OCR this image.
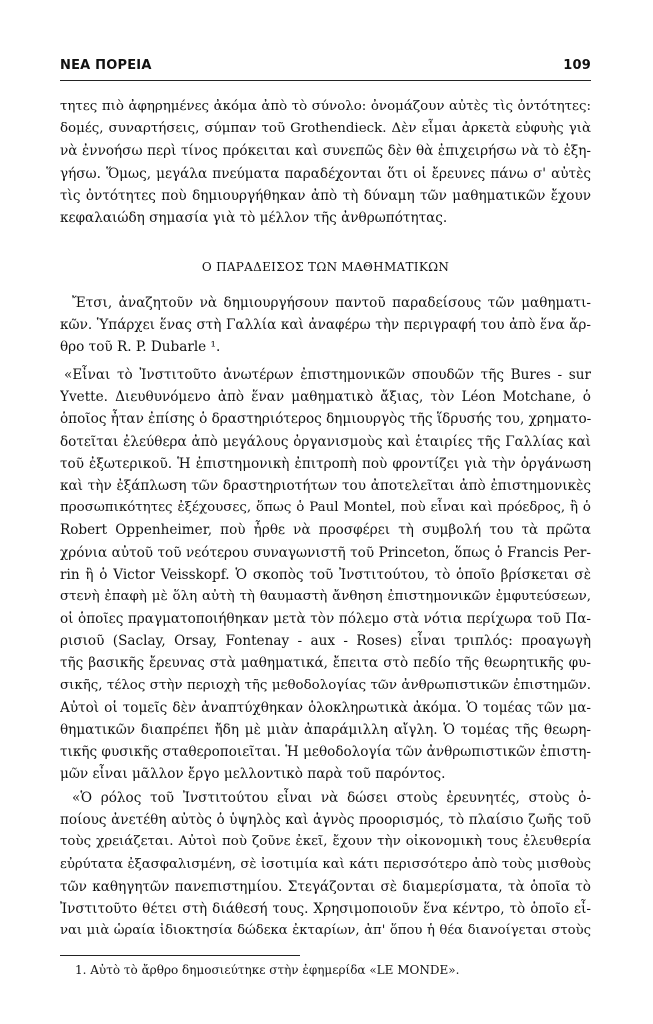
ΝΕΑ ΠΟΡΕΙΑ	109
τητες πιὸ ἀφηρημένες ἀκόμα ἀπὸ τὸ σύνολο: ὀνομάζουν αὐτὲς τὶς ὀντότητες:
δομές, συναρτήσεις, σύμπαν τοῦ Grothendieck. Δὲν εἶμαι ἀρκετὰ εὐφυὴς γιὰ
νὰ ἐννοήσω περὶ τίνος πρόκειται καὶ συνεπῶς δὲν θὰ ἐπιχειρήσω νὰ τὸ ἐξη-
γήσω. Ὅμως, μεγάλα πνεύματα παραδέχονται ὅτι οἱ ἔρευνες πάνω σ' αὐτὲς
τὶς ὀντότητες ποὺ δημιουργήθηκαν ἀπὸ τὴ δύναμη τῶν μαθηματικῶν ἔχουν
κεφαλαιώδη σημασία γιὰ τὸ μέλλον τῆς ἀνθρωπότητας.
Ο ΠΑΡΑΔΕΙΣΟΣ ΤΩΝ ΜΑΘΗΜΑΤΙΚΩΝ
Ἔτσι, ἀναζητοῦν νὰ δημιουργήσουν παντοῦ παραδείσους τῶν μαθηματι-
κῶν. Ὑπάρχει ἕνας στὴ Γαλλία καὶ ἀναφέρω τὴν περιγραφή του ἀπὸ ἕνα ἄρ-
θρο τοῦ R. P. Dubarle ¹.
«Εἶναι τὸ Ἰνστιτοῦτο ἀνωτέρων ἐπιστημονικῶν σπουδῶν τῆς Bures - sur
Yvette. Διευθυνόμενο ἀπὸ ἕναν μαθηματικὸ ἄξιας, τὸν Léon Motchane, ὁ
ὁποῖος ἦταν ἐπίσης ὁ δραστηριότερος δημιουργὸς τῆς ἵδρυσής του, χρηματο-
δοτεῖται ἐλεύθερα ἀπὸ μεγάλους ὀργανισμοὺς καὶ ἑταιρίες τῆς Γαλλίας καὶ
τοῦ ἐξωτερικοῦ. Ἡ ἐπιστημονικὴ ἐπιτροπὴ ποὺ φροντίζει γιὰ τὴν ὀργάνωση
καὶ τὴν ἐξάπλωση τῶν δραστηριοτήτων του ἀποτελεῖται ἀπὸ ἐπιστημονικὲς
προσωπικότητες ἐξέχουσες, ὅπως ὁ Paul Montel, ποὺ εἶναι καὶ πρόεδρος, ἢ ὁ
Robert Oppenheimer, ποὺ ἦρθε νὰ προσφέρει τὴ συμβολή του τὰ πρῶτα
χρόνια αὐτοῦ τοῦ νεότερου συναγωνιστῆ τοῦ Princeton, ὅπως ὁ Francis Per-
rin ἢ ὁ Victor Veisskopf. Ὁ σκοπὸς τοῦ Ἰνστιτούτου, τὸ ὁποῖο βρίσκεται σὲ
στενὴ ἐπαφὴ μὲ ὅλη αὐτὴ τὴ θαυμαστὴ ἄνθηση ἐπιστημονικῶν ἐμφυτεύσεων,
οἱ ὁποῖες πραγματοποιήθηκαν μετὰ τὸν πόλεμο στὰ νότια περίχωρα τοῦ Πα-
ρισιοῦ (Saclay, Orsay, Fontenay - aux - Roses) εἶναι τριπλός: προαγωγὴ
τῆς βασικῆς ἔρευνας στὰ μαθηματικά, ἔπειτα στὸ πεδίο τῆς θεωρητικῆς φυ-
σικῆς, τέλος στὴν περιοχὴ τῆς μεθοδολογίας τῶν ἀνθρωπιστικῶν ἐπιστημῶν.
Αὐτοὶ οἱ τομεῖς δὲν ἀναπτύχθηκαν ὁλοκληρωτικὰ ἀκόμα. Ὁ τομέας τῶν μα-
θηματικῶν διαπρέπει ἤδη μὲ μιὰν ἀπαράμιλλη αἴγλη. Ὁ τομέας τῆς θεωρη-
τικῆς φυσικῆς σταθεροποιεῖται. Ἡ μεθοδολογία τῶν ἀνθρωπιστικῶν ἐπιστη-
μῶν εἶναι μᾶλλον ἔργο μελλοντικὸ παρὰ τοῦ παρόντος.
«Ὁ ρόλος τοῦ Ἰνστιτούτου εἶναι νὰ δώσει στοὺς ἐρευνητές, στοὺς ὁ-
ποίους ἀνετέθη αὐτὸς ὁ ὑψηλὸς καὶ ἁγνὸς προορισμός, τὸ πλαίσιο ζωῆς τοῦ
τοὺς χρειάζεται. Αὐτοὶ ποὺ ζοῦνε ἐκεῖ, ἔχουν τὴν οἰκονομικὴ τους ἐλευθερία
εὐρύτατα ἐξασφαλισμένη, σὲ ἰσοτιμία καὶ κάτι περισσότερο ἀπὸ τοὺς μισθοὺς
τῶν καθηγητῶν πανεπιστημίου. Στεγάζονται σὲ διαμερίσματα, τὰ ὁποῖα τὸ
Ἰνστιτοῦτο θέτει στὴ διάθεσή τους. Χρησιμοποιοῦν ἕνα κέντρο, τὸ ὁποῖο εἶ-
ναι μιὰ ὡραία ἰδιοκτησία δώδεκα ἐκταρίων, ἀπ' ὅπου ἡ θέα διανοίγεται στοὺς
1. Αὐτὸ τὸ ἄρθρο δημοσιεύτηκε στὴν ἐφημερίδα «LE MONDE».
